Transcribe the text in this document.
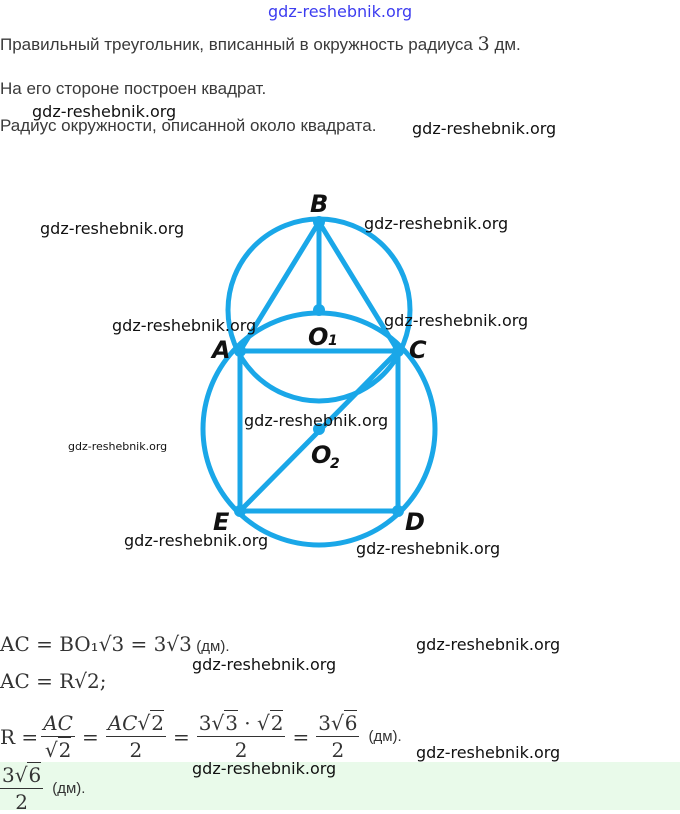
gdz-reshebnik.org
Правильный треугольник, вписанный в окружность радиуса 3 дм.
На его стороне построен квадрат.
Радиус окружности, описанной около квадрата.
B
A	C
E	D
O 1
O
2
AC = BO₁√3 = 3√3 (дм).
AC = R√2;
$R = \frac{AC}{√2} = \frac{AC√2}{2} = \frac{3√3 \cdot √2}{2} = \frac{3√6}{2} (дм)$.
$\frac{3√6}{2} (дм)$.
gdz-reshebnik.org
gdz-reshebnik.org
gdz-reshebnik.org	gdz-reshebnik.org
gdz-reshebnik.org	gdz-reshebnik.org
gdz-reshebnik.org
gdz-reshebnik.org
gdz-reshebnik.org	gdz-reshebnik.org
gdz-reshebnik.org
gdz-reshebnik.org
gdz-reshebnik.org
gdz-reshebnik.org
